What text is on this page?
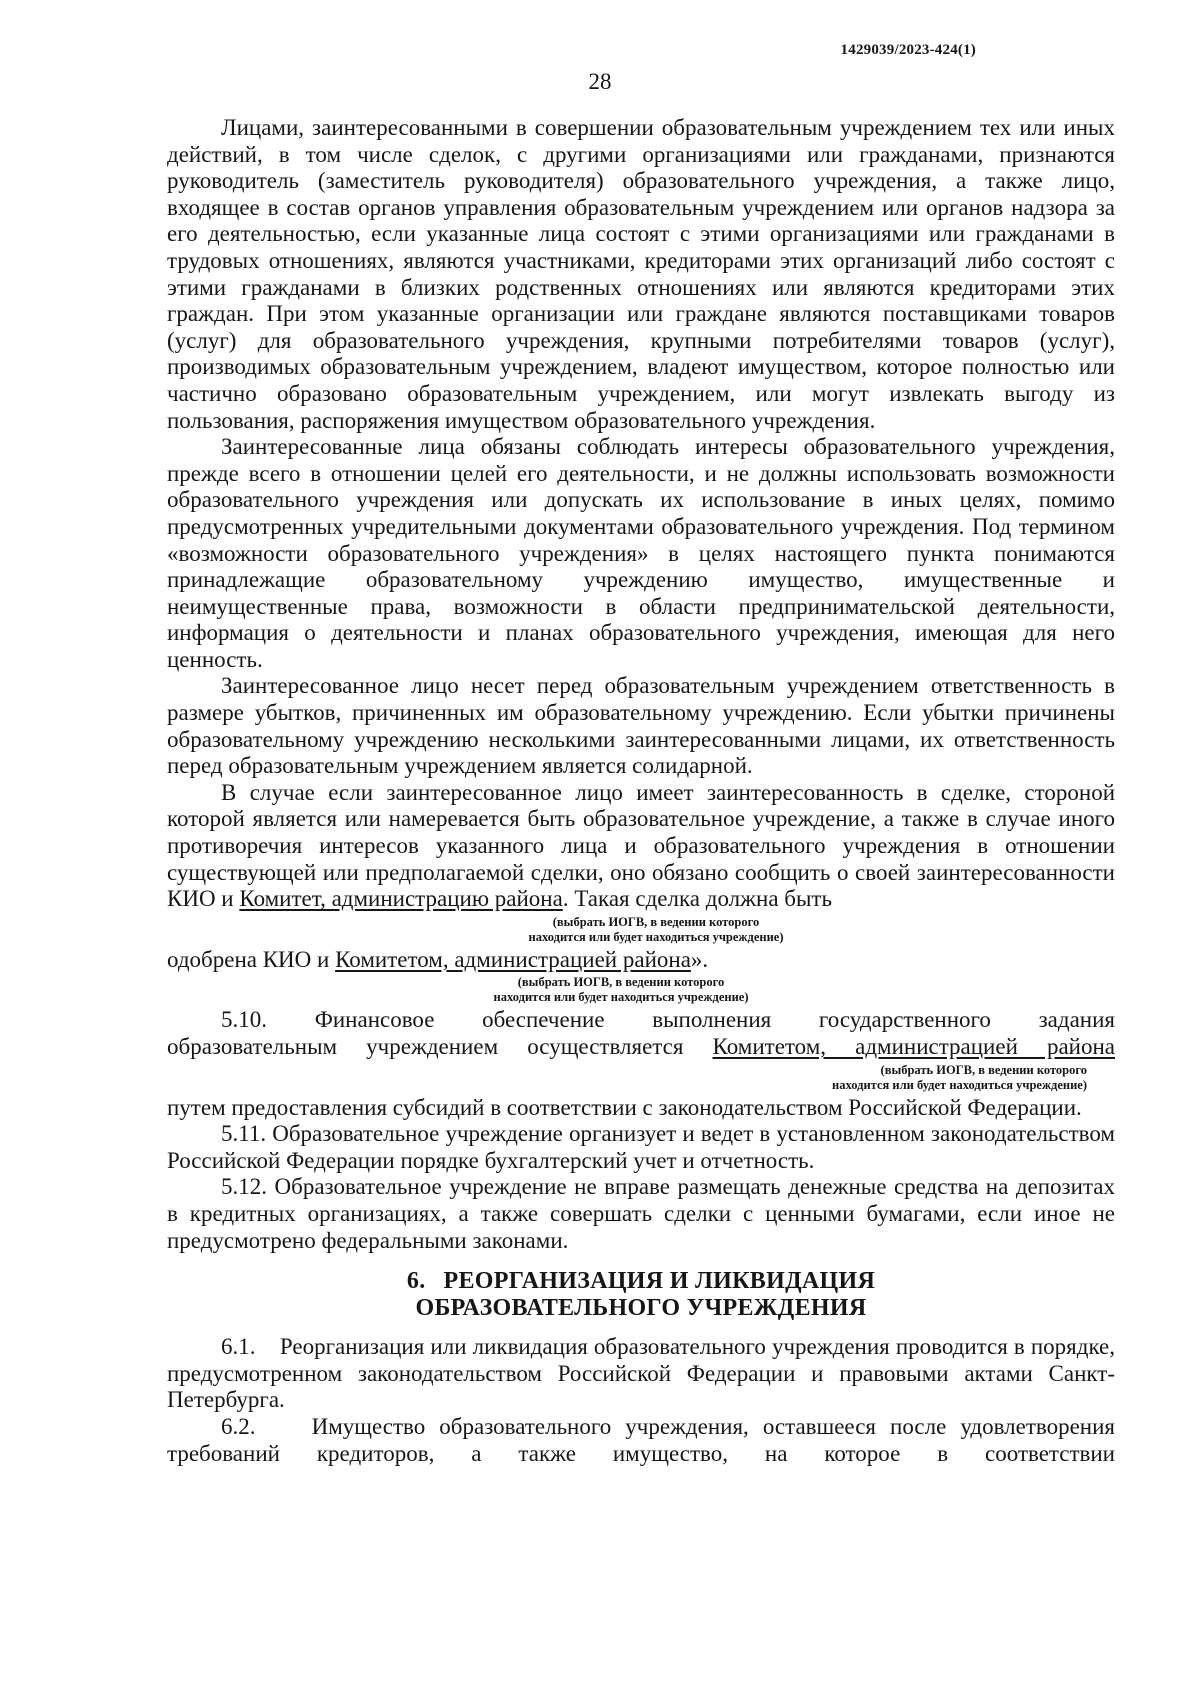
1429039/2023-424(1)
28

Лицами, заинтересованными в совершении образовательным учреждением тех или иных действий, в том числе сделок, с другими организациями или гражданами, признаются руководитель (заместитель руководителя) образовательного учреждения, а также лицо, входящее в состав органов управления образовательным учреждением или органов надзора за его деятельностью, если указанные лица состоят с этими организациями или гражданами в трудовых отношениях, являются участниками, кредиторами этих организаций либо состоят с этими гражданами в близких родственных отношениях или являются кредиторами этих граждан. При этом указанные организации или граждане являются поставщиками товаров (услуг) для образовательного учреждения, крупными потребителями товаров (услуг), производимых образовательным учреждением, владеют имуществом, которое полностью или частично образовано образовательным учреждением, или могут извлекать выгоду из пользования, распоряжения имуществом образовательного учреждения.

Заинтересованные лица обязаны соблюдать интересы образовательного учреждения, прежде всего в отношении целей его деятельности, и не должны использовать возможности образовательного учреждения или допускать их использование в иных целях, помимо предусмотренных учредительными документами образовательного учреждения. Под термином «возможности образовательного учреждения» в целях настоящего пункта понимаются принадлежащие образовательному учреждению имущество, имущественные и неимущественные права, возможности в области предпринимательской деятельности, информация о деятельности и планах образовательного учреждения, имеющая для него ценность.

Заинтересованное лицо несет перед образовательным учреждением ответственность в размере убытков, причиненных им образовательному учреждению. Если убытки причинены образовательному учреждению несколькими заинтересованными лицами, их ответственность перед образовательным учреждением является солидарной.

В случае если заинтересованное лицо имеет заинтересованность в сделке, стороной которой является или намеревается быть образовательное учреждение, а также в случае иного противоречия интересов указанного лица и образовательного учреждения в отношении существующей или предполагаемой сделки, оно обязано сообщить о своей заинтересованности КИО и Комитет, администрацию района. Такая сделка должна быть

(выбрать ИОГВ, в ведении которого
находится или будет находиться учреждение)

одобрена КИО и Комитетом, администрацией района».

(выбрать ИОГВ, в ведении которого
находится или будет находиться учреждение)

5.10.   Финансовое   обеспечение   выполнения   государственного   задания

образовательным учреждением осуществляется Комитетом, администрацией района

(выбрать ИОГВ, в ведении которого
находится или будет находиться учреждение)

путем предоставления субсидий в соответствии с законодательством Российской Федерации.

5.11. Образовательное учреждение организует и ведет в установленном законодательством Российской Федерации порядке бухгалтерский учет и отчетность.

5.12. Образовательное учреждение не вправе размещать денежные средства на депозитах в кредитных организациях, а также совершать сделки с ценными бумагами, если иное не предусмотрено федеральными законами.

6. РЕОРГАНИЗАЦИЯ И ЛИКВИДАЦИЯ
ОБРАЗОВАТЕЛЬНОГО УЧРЕЖДЕНИЯ

6.1.    Реорганизация или ликвидация образовательного учреждения проводится в порядке, предусмотренном законодательством Российской Федерации и правовыми актами Санкт-Петербурга.

6.2.    Имущество образовательного учреждения, оставшееся после удовлетворения требований кредиторов, а также имущество, на которое в соответствии
